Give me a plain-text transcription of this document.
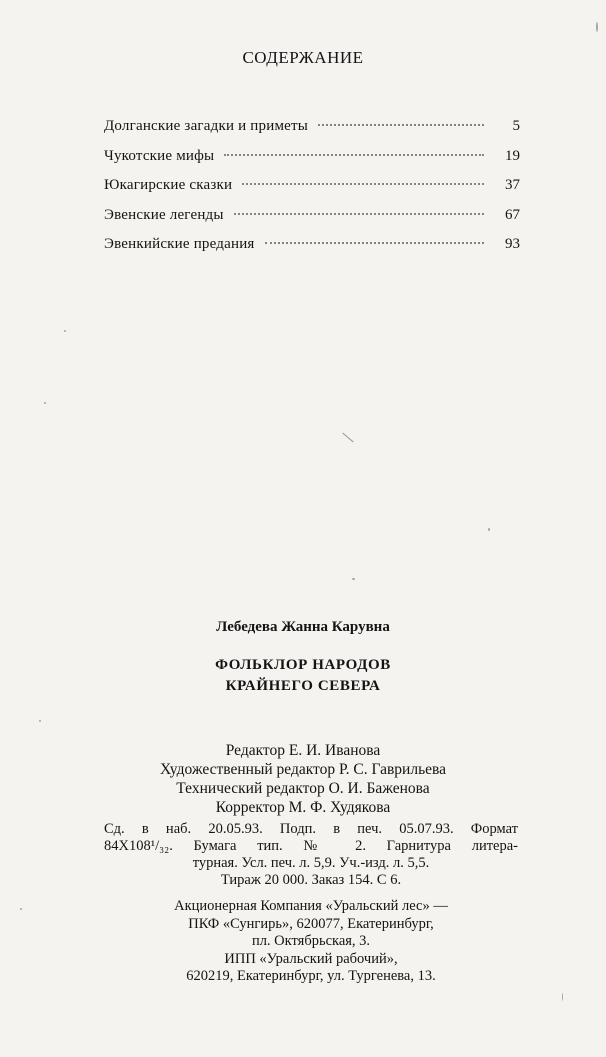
СОДЕРЖАНИЕ
Долганские загадки и приметы	5
Чукотские мифы	19
Юкагирские сказки	37
Эвенские легенды	67
Эвенкийские предания	93
Лебедева Жанна Карувна
ФОЛЬКЛОР НАРОДОВ
КРАЙНЕГО СЕВЕРА
Редактор Е. И. Иванова
Художественный редактор Р. С. Гаврильева
Технический редактор О. И. Баженова
Корректор М. Ф. Худякова
Сд. в наб. 20.05.93. Подп. в печ. 05.07.93. Формат
84Х108¹/₃₂. Бумага тип. № 2. Гарнитура литера-
турная. Усл. печ. л. 5,9. Уч.-изд. л. 5,5.
Тираж 20 000. Заказ 154. С 6.
Акционерная Компания «Уральский лес» —
ПКФ «Сунгирь», 620077, Екатеринбург,
пл. Октябрьская, 3.
ИПП «Уральский рабочий»,
620219, Екатеринбург, ул. Тургенева, 13.
